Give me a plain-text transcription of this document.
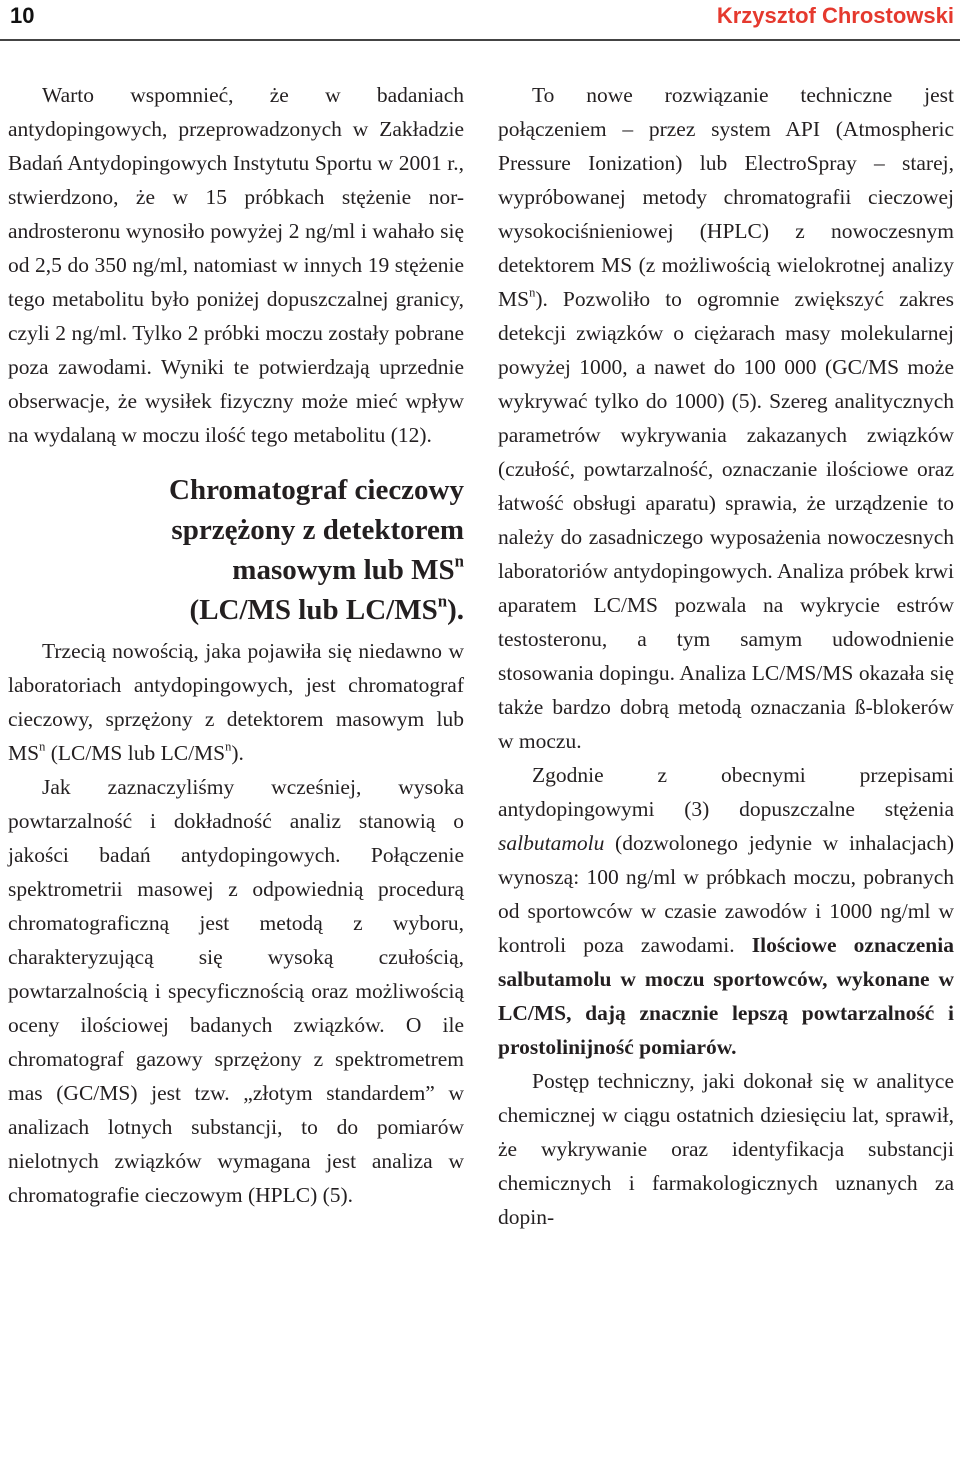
10	Krzysztof Chrostowski

Warto wspomnieć, że w badaniach antydopingowych, przeprowadzonych w Zakładzie Badań Antydopingowych Instytutu Sportu w 2001 r., stwierdzono, że w 15 próbkach stężenie nor-androsteronu wynosiło powyżej 2 ng/ml i wahało się od 2,5 do 350 ng/ml, natomiast w innych 19 stężenie tego metabolitu było poniżej dopuszczalnej granicy, czyli 2 ng/ml. Tylko 2 próbki moczu zostały pobrane poza zawodami. Wyniki te potwierdzają uprzednie obserwacje, że wysiłek fizyczny może mieć wpływ na wydalaną w moczu ilość tego metabolitu (12).

Chromatograf cieczowy
sprzężony z detektorem
masowym lub $MS^n$
(LC/MS lub $LC/MS^n$).

Trzecią nowością, jaka pojawiła się niedawno w laboratoriach antydopingowych, jest chromatograf cieczowy, sprzężony z detektorem masowym lub $MS^n$ (LC/MS lub $LC/MS^n$).

Jak zaznaczyliśmy wcześniej, wysoka powtarzalność i dokładność analiz stanowią o jakości badań antydopingowych. Połączenie spektrometrii masowej z odpowiednią procedurą chromatograficzną jest metodą z wyboru, charakteryzującą się wysoką czułością, powtarzalnością i specyficznością oraz możliwością oceny ilościowej badanych związków. O ile chromatograf gazowy sprzężony z spektrometrem mas (GC/MS) jest tzw. „złotym standardem” w analizach lotnych substancji, to do pomiarów nielotnych związków wymagana jest analiza w chromatografie cieczowym (HPLC) (5).

To nowe rozwiązanie techniczne jest połączeniem – przez system API (Atmospheric Pressure Ionization) lub ElectroSpray – starej, wypróbowanej metody chromatografii cieczowej wysokociśnieniowej (HPLC) z nowoczesnym detektorem MS (z możliwością wielokrotnej analizy $MS^n$). Pozwoliło to ogromnie zwiększyć zakres detekcji związków o ciężarach masy molekularnej powyżej 1000, a nawet do 100 000 (GC/MS może wykrywać tylko do 1000) (5). Szereg analitycznych parametrów wykrywania zakazanych związków (czułość, powtarzalność, oznaczanie ilościowe oraz łatwość obsługi aparatu) sprawia, że urządzenie to należy do zasadniczego wyposażenia nowoczesnych laboratoriów antydopingowych. Analiza próbek krwi aparatem LC/MS pozwala na wykrycie estrów testosteronu, a tym samym udowodnienie stosowania dopingu. Analiza LC/MS/MS okazała się także bardzo dobrą metodą oznaczania ß-blokerów w moczu.

Zgodnie z obecnymi przepisami antydopingowymi (3) dopuszczalne stężenia salbutamolu (dozwolonego jedynie w inhalacjach) wynoszą: 100 ng/ml w próbkach moczu, pobranych od sportowców w czasie zawodów i 1000 ng/ml w kontroli poza zawodami. Ilościowe oznaczenia salbutamolu w moczu sportowców, wykonane w LC/MS, dają znacznie lepszą powtarzalność i prostoliniјność pomiarów.

Postęp techniczny, jaki dokonał się w analityce chemicznej w ciągu ostatnich dziesięciu lat, sprawił, że wykrywanie oraz identyfikacja substancji chemicznych i farmakologicznych uznanych za dopin-
